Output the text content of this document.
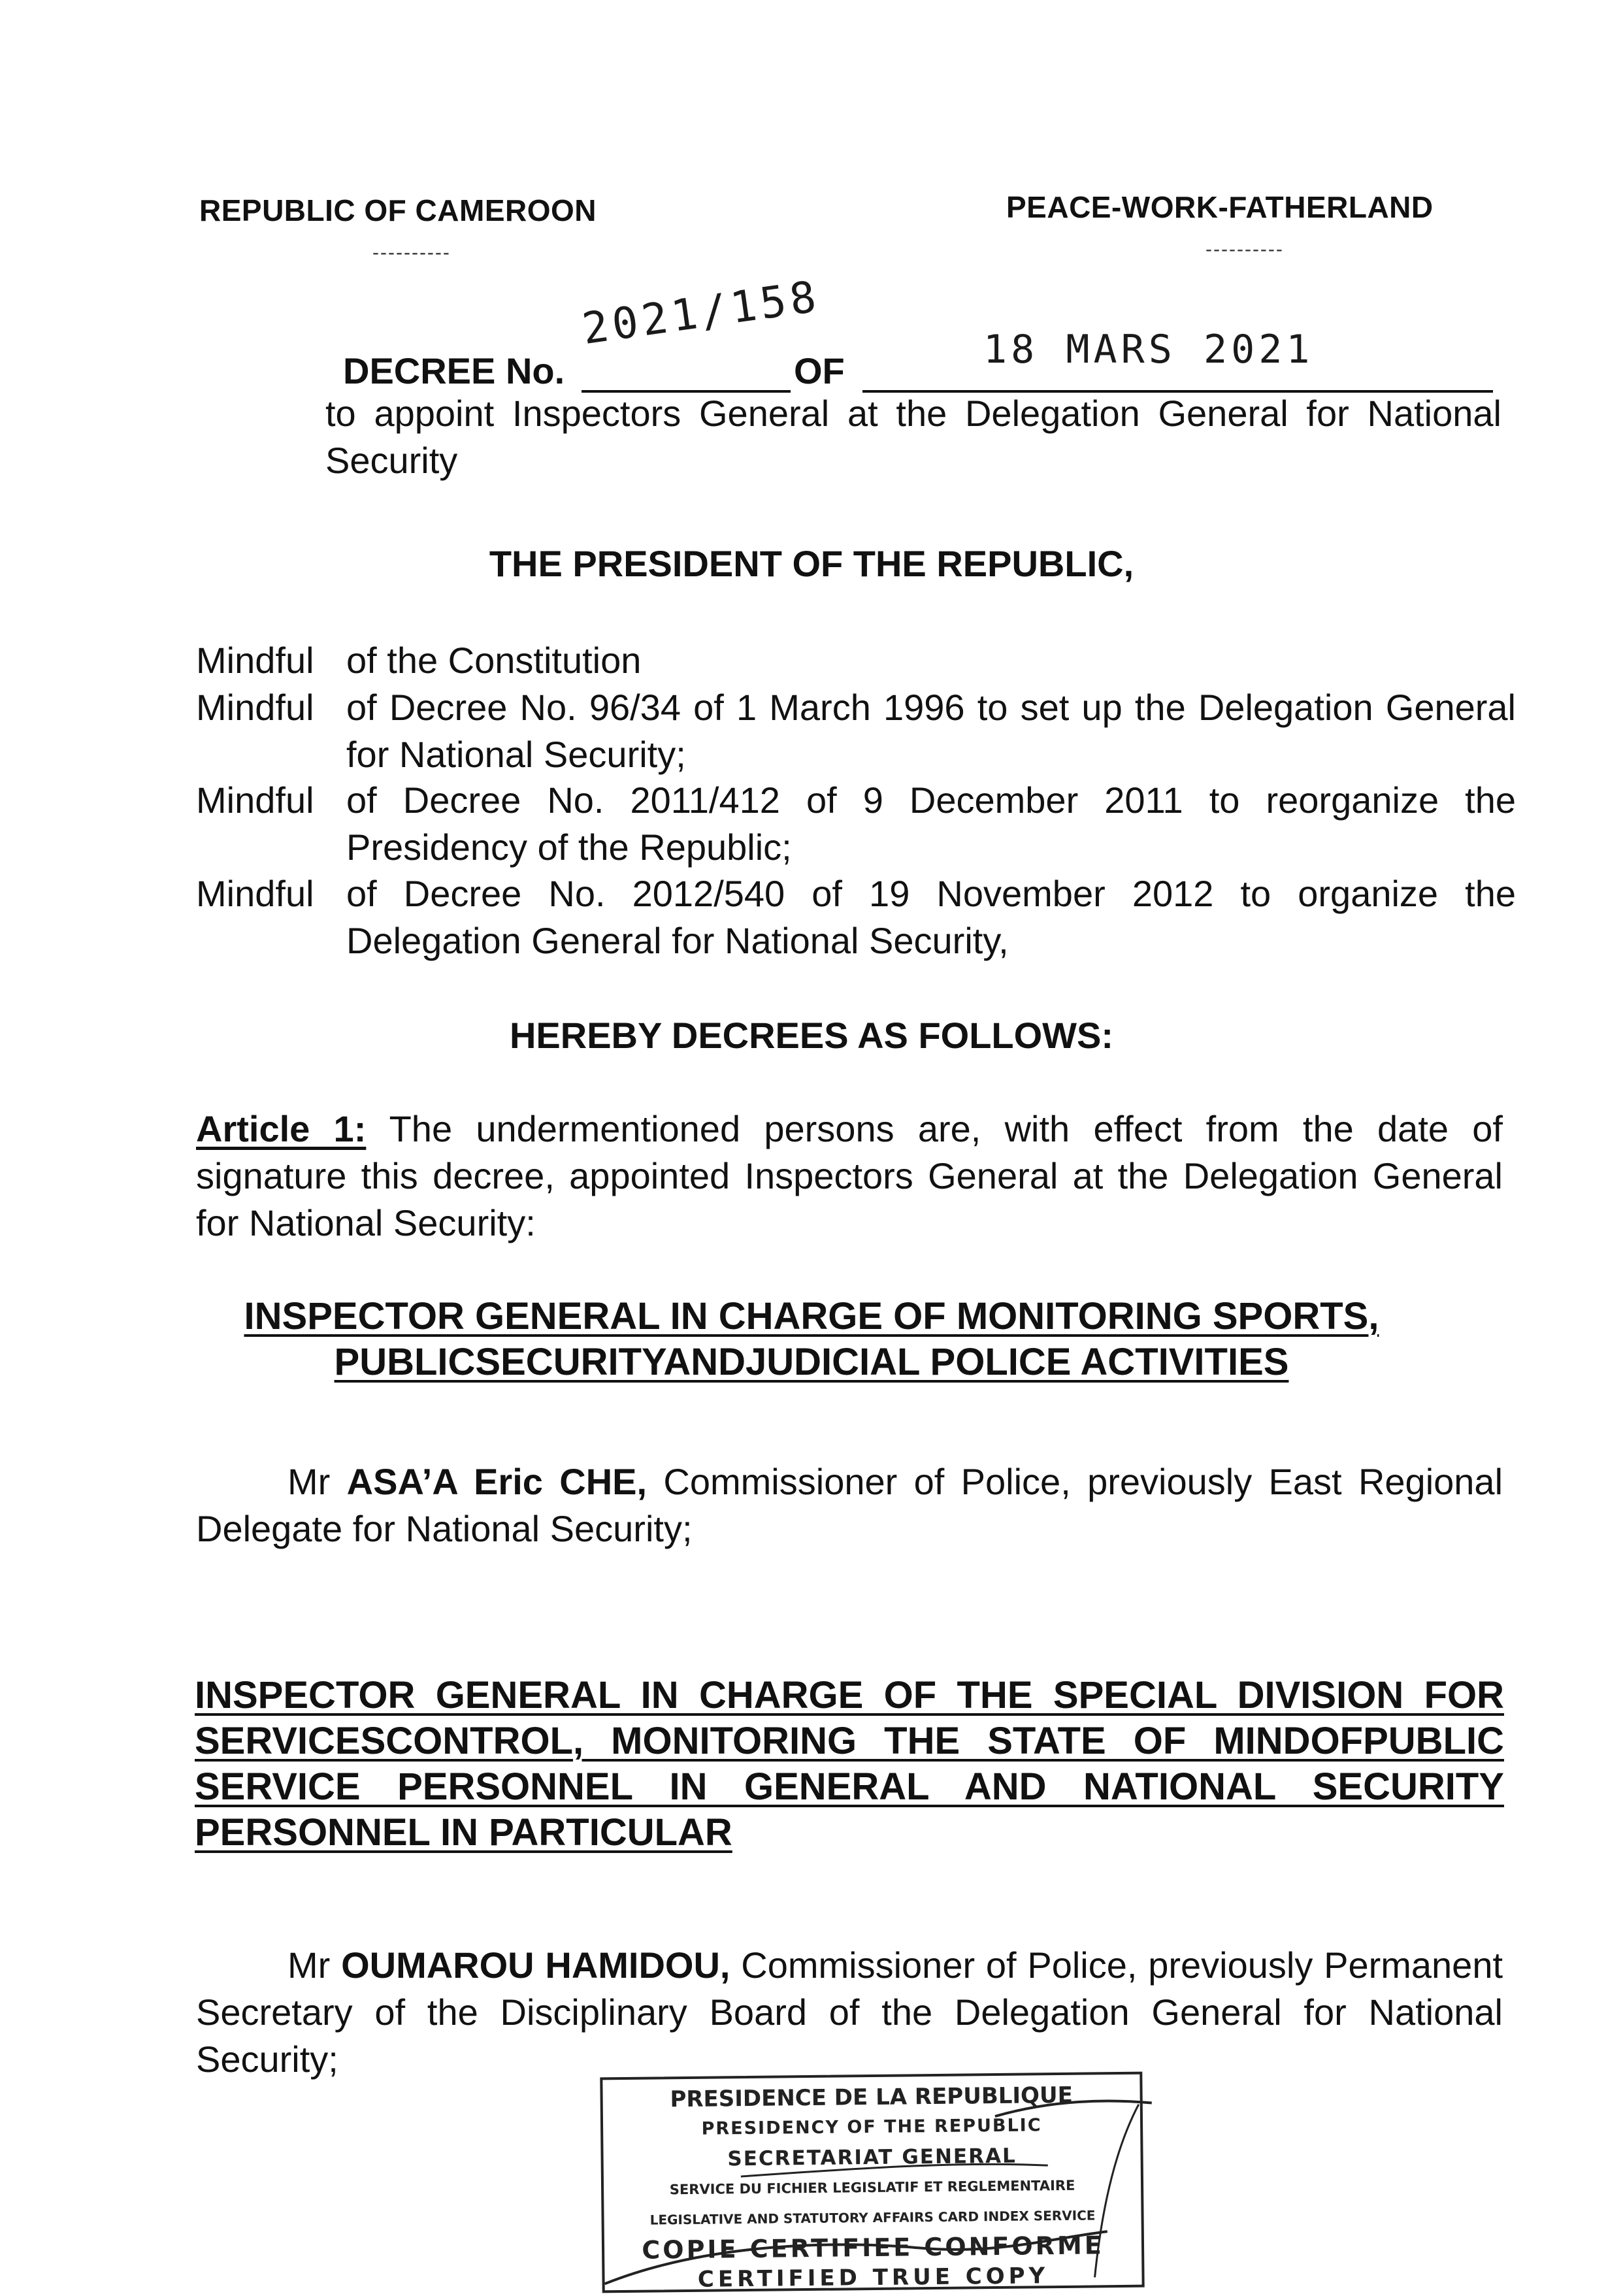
REPUBLIC OF CAMEROON
----------
PEACE-WORK-FATHERLAND
----------
DECREE No.
2021/158
OF	18 MARS 2021
to appoint Inspectors General at the Delegation General for National Security
THE PRESIDENT OF THE REPUBLIC,
Mindful of the Constitution
Mindful of Decree No. 96/34 of 1 March 1996 to set up the Delegation General for National Security;
Mindful of Decree No. 2011/412 of 9 December 2011 to reorganize the Presidency of the Republic;
Mindful of Decree No. 2012/540 of 19 November 2012 to organize the Delegation General for National Security,
HEREBY DECREES AS FOLLOWS:
Article 1: The undermentioned persons are, with effect from the date of signature this decree, appointed Inspectors General at the Delegation General for National Security:
INSPECTOR GENERAL IN CHARGE OF MONITORING SPORTS,
PUBLICSECURITYANDJUDICIAL POLICE ACTIVITIES
Mr ASA’A Eric CHE, Commissioner of Police, previously East Regional Delegate for National Security;
INSPECTOR GENERAL IN CHARGE OF THE SPECIAL DIVISION FOR SERVICESCONTROL, MONITORING THE STATE OF MINDOFPUBLIC SERVICE PERSONNEL IN GENERAL AND NATIONAL SECURITY PERSONNEL IN PARTICULAR
Mr OUMAROU HAMIDOU, Commissioner of Police, previously Permanent Secretary of the Disciplinary Board of the Delegation General for National Security;
PRESIDENCE DE LA REPUBLIQUE
PRESIDENCY OF THE REPUBLIC
SECRETARIAT GENERAL
SERVICE DU FICHIER LEGISLATIF ET REGLEMENTAIRE
LEGISLATIVE AND STATUTORY AFFAIRS CARD INDEX SERVICE
COPIE CERTIFIEE CONFORME
CERTIFIED TRUE COPY
